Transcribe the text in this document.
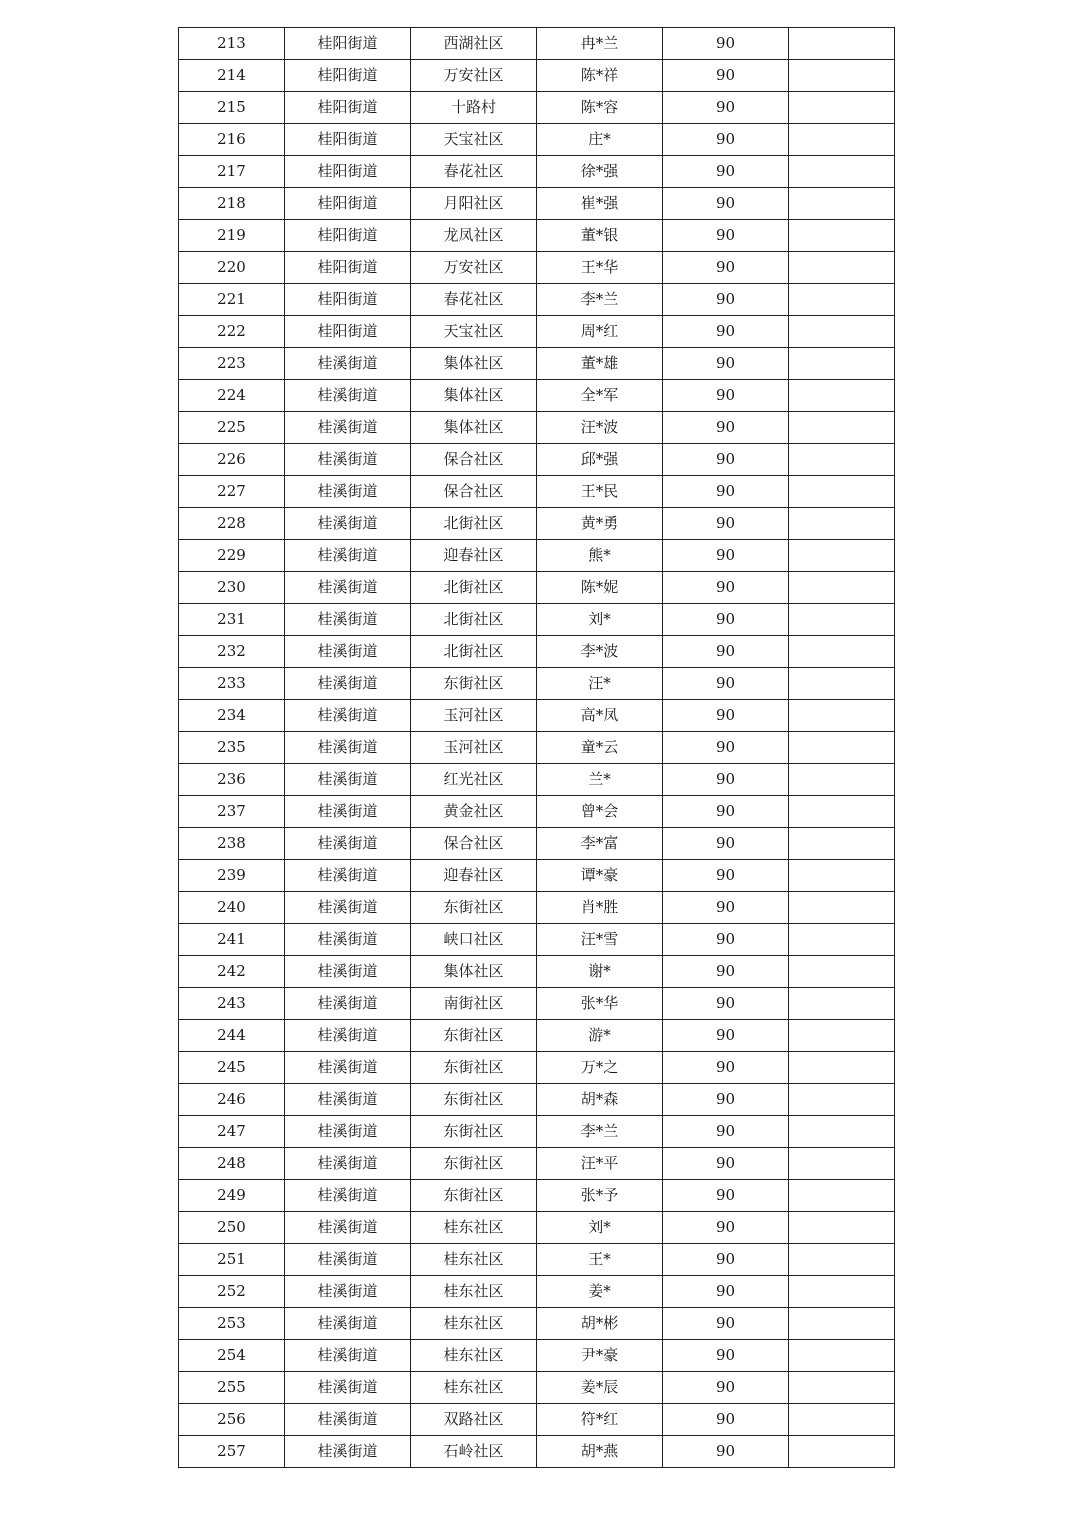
213	桂阳街道	西湖社区	冉*兰	90	
214	桂阳街道	万安社区	陈*祥	90	
215	桂阳街道	十路村	陈*容	90	
216	桂阳街道	天宝社区	庄*	90	
217	桂阳街道	春花社区	徐*强	90	
218	桂阳街道	月阳社区	崔*强	90	
219	桂阳街道	龙凤社区	董*银	90	
220	桂阳街道	万安社区	王*华	90	
221	桂阳街道	春花社区	李*兰	90	
222	桂阳街道	天宝社区	周*红	90	
223	桂溪街道	集体社区	董*雄	90	
224	桂溪街道	集体社区	全*军	90	
225	桂溪街道	集体社区	汪*波	90	
226	桂溪街道	保合社区	邱*强	90	
227	桂溪街道	保合社区	王*民	90	
228	桂溪街道	北街社区	黄*勇	90	
229	桂溪街道	迎春社区	熊*	90	
230	桂溪街道	北街社区	陈*妮	90	
231	桂溪街道	北街社区	刘*	90	
232	桂溪街道	北街社区	李*波	90	
233	桂溪街道	东街社区	汪*	90	
234	桂溪街道	玉河社区	高*凤	90	
235	桂溪街道	玉河社区	童*云	90	
236	桂溪街道	红光社区	兰*	90	
237	桂溪街道	黄金社区	曾*会	90	
238	桂溪街道	保合社区	李*富	90	
239	桂溪街道	迎春社区	谭*豪	90	
240	桂溪街道	东街社区	肖*胜	90	
241	桂溪街道	峡口社区	汪*雪	90	
242	桂溪街道	集体社区	谢*	90	
243	桂溪街道	南街社区	张*华	90	
244	桂溪街道	东街社区	游*	90	
245	桂溪街道	东街社区	万*之	90	
246	桂溪街道	东街社区	胡*森	90	
247	桂溪街道	东街社区	李*兰	90	
248	桂溪街道	东街社区	汪*平	90	
249	桂溪街道	东街社区	张*予	90	
250	桂溪街道	桂东社区	刘*	90	
251	桂溪街道	桂东社区	王*	90	
252	桂溪街道	桂东社区	姜*	90	
253	桂溪街道	桂东社区	胡*彬	90	
254	桂溪街道	桂东社区	尹*豪	90	
255	桂溪街道	桂东社区	姜*辰	90	
256	桂溪街道	双路社区	符*红	90	
257	桂溪街道	石岭社区	胡*燕	90	
